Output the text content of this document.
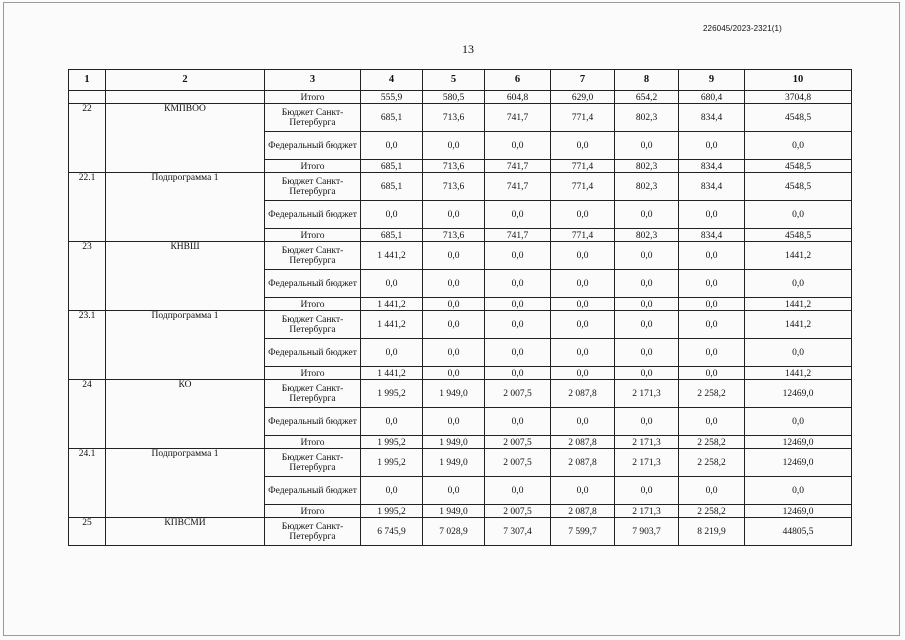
226045/2023-2321(1)
13
1	2	3	4	5	6	7	8	9	10
		Итого	555,9	580,5	604,8	629,0	654,2	680,4	3704,8
22	КМПВОО	Бюджет Санкт-Петербурга	685,1	713,6	741,7	771,4	802,3	834,4	4548,5
		Федеральный бюджет	0,0	0,0	0,0	0,0	0,0	0,0	0,0
		Итого	685,1	713,6	741,7	771,4	802,3	834,4	4548,5
22.1	Подпрограмма 1	Бюджет Санкт-Петербурга	685,1	713,6	741,7	771,4	802,3	834,4	4548,5
		Федеральный бюджет	0,0	0,0	0,0	0,0	0,0	0,0	0,0
		Итого	685,1	713,6	741,7	771,4	802,3	834,4	4548,5
23	КНВШ	Бюджет Санкт-Петербурга	1 441,2	0,0	0,0	0,0	0,0	0,0	1441,2
		Федеральный бюджет	0,0	0,0	0,0	0,0	0,0	0,0	0,0
		Итого	1 441,2	0,0	0,0	0,0	0,0	0,0	1441,2
23.1	Подпрограмма 1	Бюджет Санкт-Петербурга	1 441,2	0,0	0,0	0,0	0,0	0,0	1441,2
		Федеральный бюджет	0,0	0,0	0,0	0,0	0,0	0,0	0,0
		Итого	1 441,2	0,0	0,0	0,0	0,0	0,0	1441,2
24	КО	Бюджет Санкт-Петербурга	1 995,2	1 949,0	2 007,5	2 087,8	2 171,3	2 258,2	12469,0
		Федеральный бюджет	0,0	0,0	0,0	0,0	0,0	0,0	0,0
		Итого	1 995,2	1 949,0	2 007,5	2 087,8	2 171,3	2 258,2	12469,0
24.1	Подпрограмма 1	Бюджет Санкт-Петербурга	1 995,2	1 949,0	2 007,5	2 087,8	2 171,3	2 258,2	12469,0
		Федеральный бюджет	0,0	0,0	0,0	0,0	0,0	0,0	0,0
		Итого	1 995,2	1 949,0	2 007,5	2 087,8	2 171,3	2 258,2	12469,0
25	КПВСМИ	Бюджет Санкт-Петербурга	6 745,9	7 028,9	7 307,4	7 599,7	7 903,7	8 219,9	44805,5
